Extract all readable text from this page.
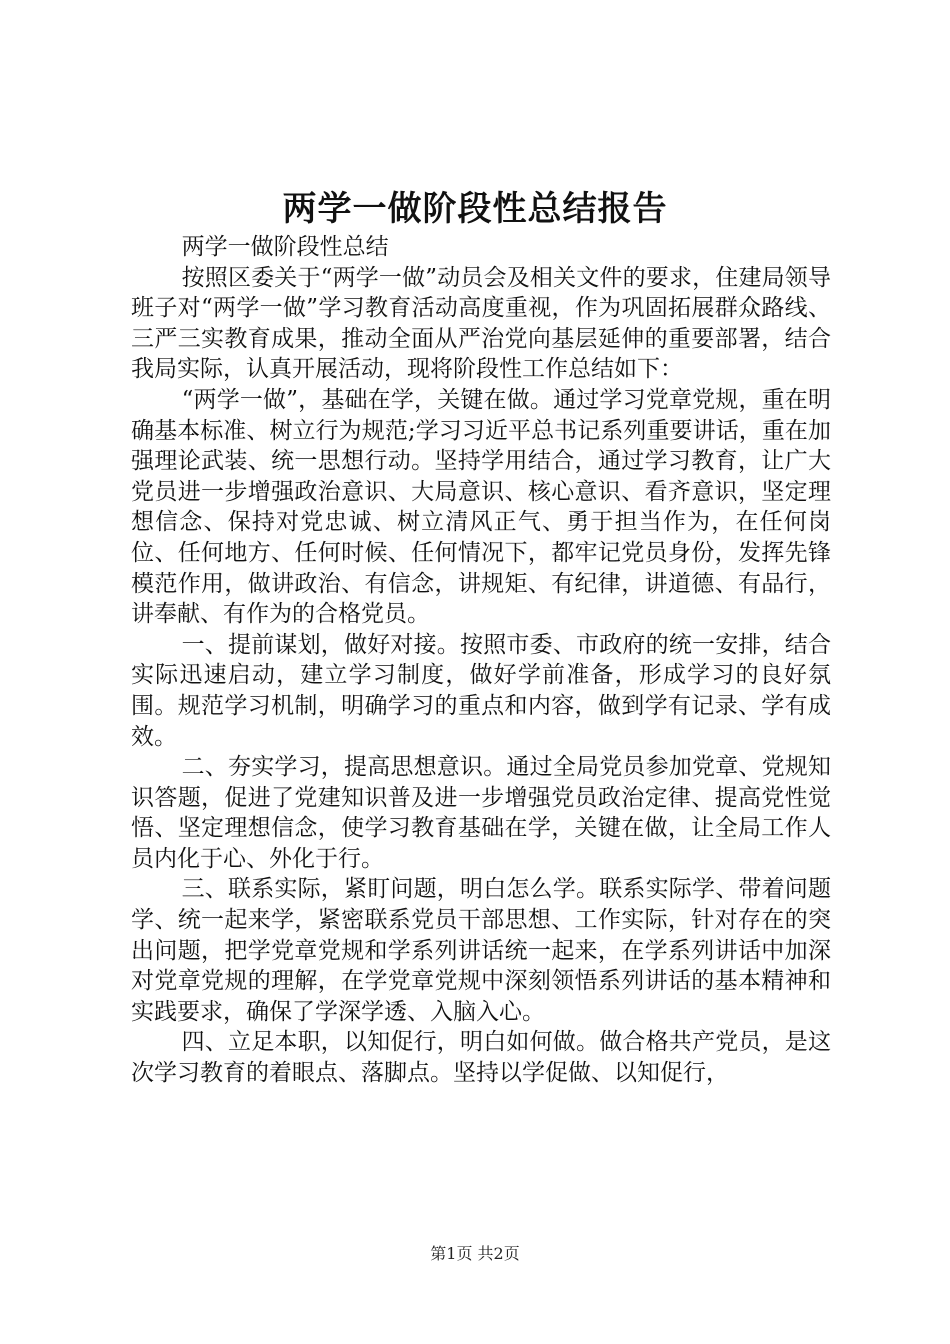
两学一做阶段性总结报告

两学一做阶段性总结

按照区委关于“两学一做”动员会及相关文件的要求，住建局领导班子对“两学一做”学习教育活动高度重视，作为巩固拓展群众路线、三严三实教育成果，推动全面从严治党向基层延伸的重要部署，结合我局实际，认真开展活动，现将阶段性工作总结如下：

“两学一做”，基础在学，关键在做。通过学习党章党规，重在明确基本标准、树立行为规范;学习习近平总书记系列重要讲话，重在加强理论武装、统一思想行动。坚持学用结合，通过学习教育，让广大党员进一步增强政治意识、大局意识、核心意识、看齐意识，坚定理想信念、保持对党忠诚、树立清风正气、勇于担当作为，在任何岗位、任何地方、任何时候、任何情况下，都牢记党员身份，发挥先锋模范作用，做讲政治、有信念，讲规矩、有纪律，讲道德、有品行，讲奉献、有作为的合格党员。

一、提前谋划，做好对接。按照市委、市政府的统一安排，结合实际迅速启动，建立学习制度，做好学前准备，形成学习的良好氛围。规范学习机制，明确学习的重点和内容，做到学有记录、学有成效。

二、夯实学习，提高思想意识。通过全局党员参加党章、党规知识答题，促进了党建知识普及进一步增强党员政治定律、提高党性觉悟、坚定理想信念，使学习教育基础在学，关键在做，让全局工作人员内化于心、外化于行。

三、联系实际，紧盯问题，明白怎么学。联系实际学、带着问题学、统一起来学，紧密联系党员干部思想、工作实际，针对存在的突出问题，把学党章党规和学系列讲话统一起来，在学系列讲话中加深对党章党规的理解，在学党章党规中深刻领悟系列讲话的基本精神和实践要求，确保了学深学透、入脑入心。

四、立足本职，以知促行，明白如何做。做合格共产党员，是这次学习教育的着眼点、落脚点。坚持以学促做、以知促行，

第1页 共2页
